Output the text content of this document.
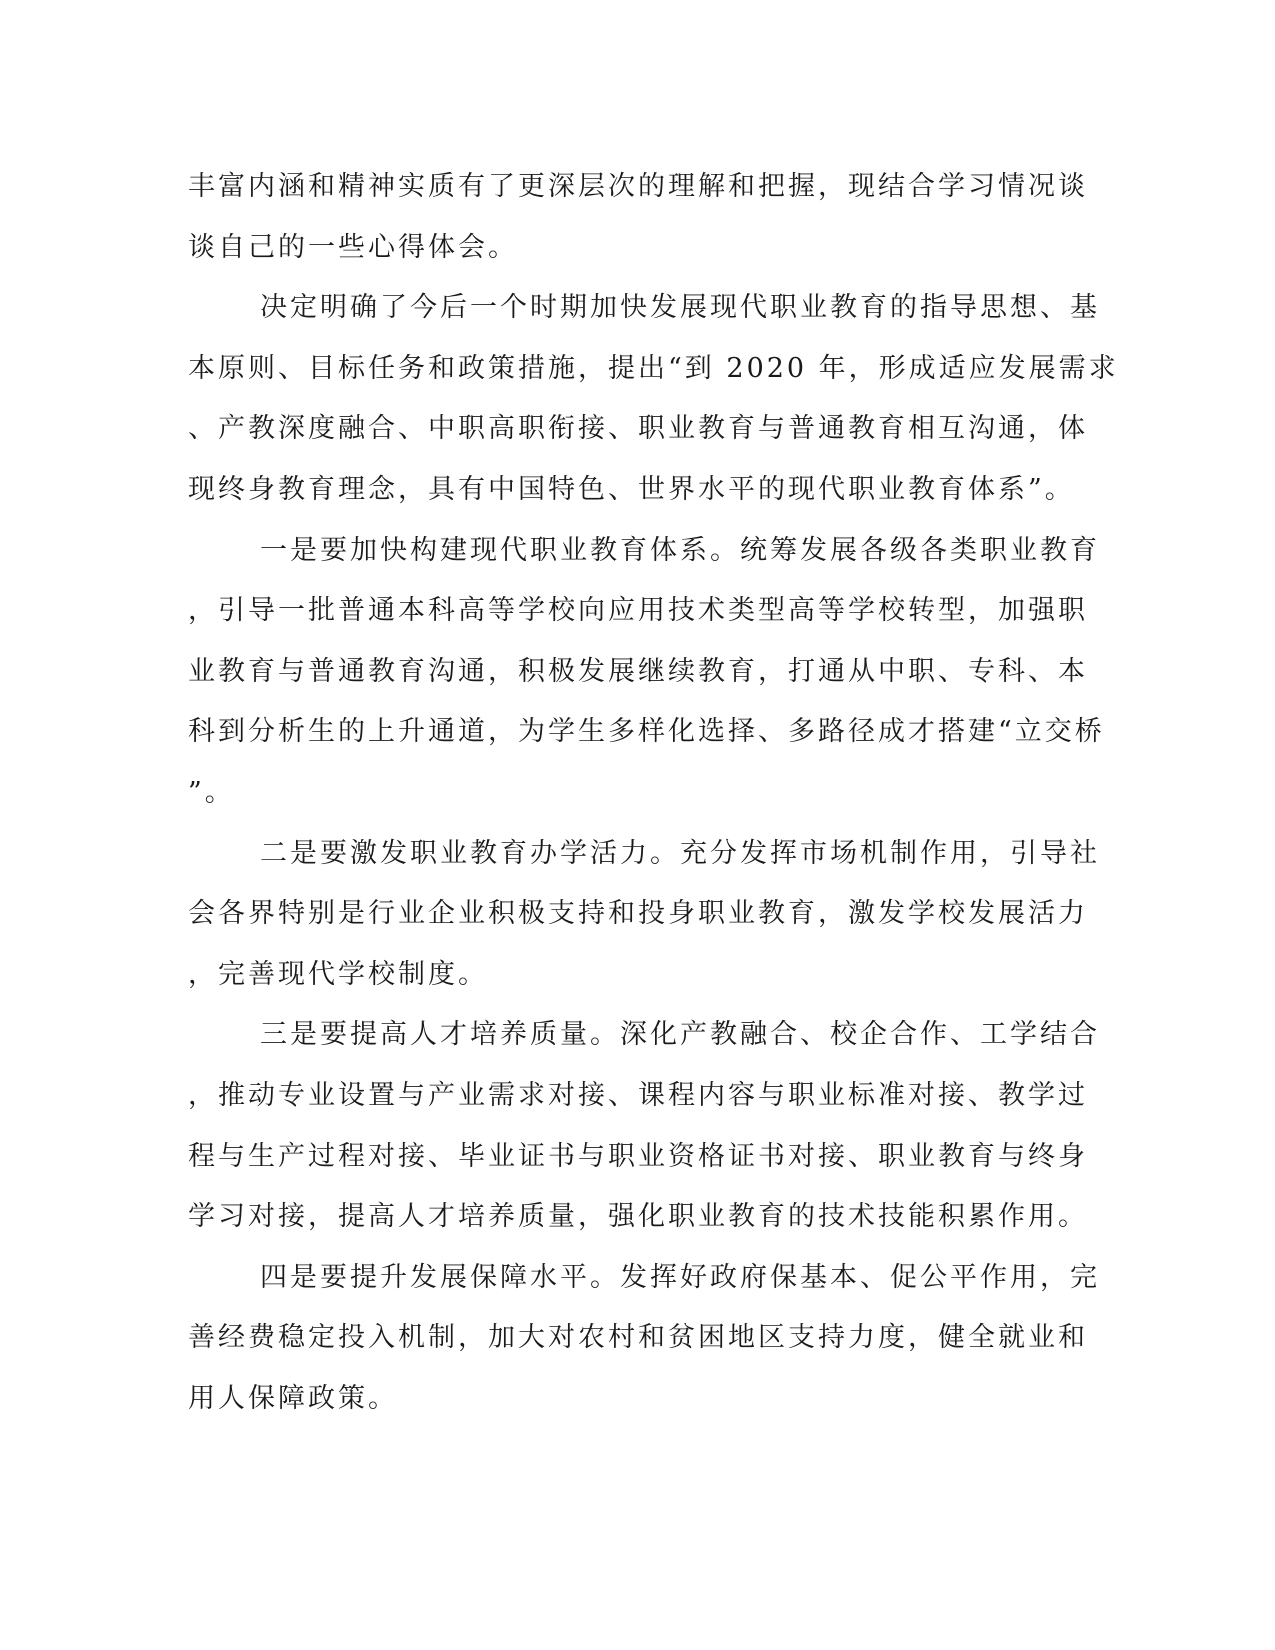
丰富内涵和精神实质有了更深层次的理解和把握，现结合学习情况谈
谈自己的一些心得体会。
决定明确了今后一个时期加快发展现代职业教育的指导思想、基
本原则、目标任务和政策措施，提出“到 2020 年，形成适应发展需求
、产教深度融合、中职高职衔接、职业教育与普通教育相互沟通，体
现终身教育理念，具有中国特色、世界水平的现代职业教育体系”。
一是要加快构建现代职业教育体系。统筹发展各级各类职业教育
，引导一批普通本科高等学校向应用技术类型高等学校转型，加强职
业教育与普通教育沟通，积极发展继续教育，打通从中职、专科、本
科到分析生的上升通道，为学生多样化选择、多路径成才搭建“立交桥
”。
二是要激发职业教育办学活力。充分发挥市场机制作用，引导社
会各界特别是行业企业积极支持和投身职业教育，激发学校发展活力
，完善现代学校制度。
三是要提高人才培养质量。深化产教融合、校企合作、工学结合
，推动专业设置与产业需求对接、课程内容与职业标准对接、教学过
程与生产过程对接、毕业证书与职业资格证书对接、职业教育与终身
学习对接，提高人才培养质量，强化职业教育的技术技能积累作用。
四是要提升发展保障水平。发挥好政府保基本、促公平作用，完
善经费稳定投入机制，加大对农村和贫困地区支持力度，健全就业和
用人保障政策。
